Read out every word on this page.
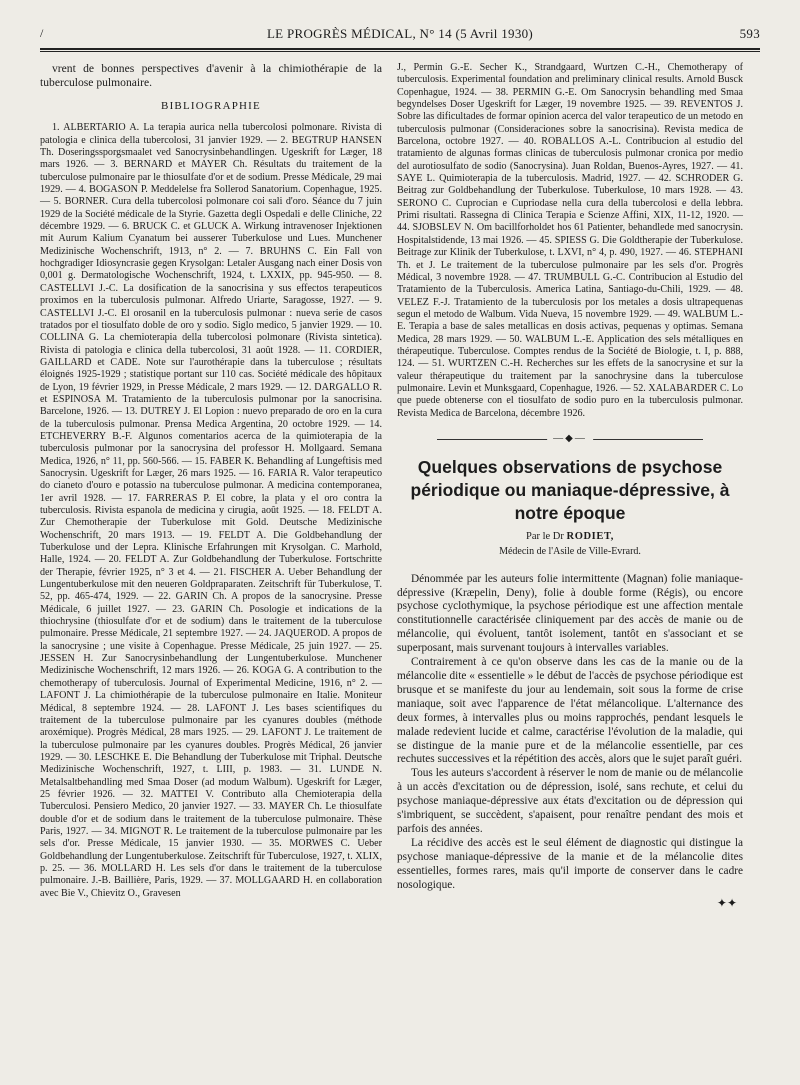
/	LE PROGRÈS MÉDICAL, N° 14 (5 Avril 1930)	593

vrent de bonnes perspectives d'avenir à la chimiothérapie de la tuberculose pulmonaire.

BIBLIOGRAPHIE

1. ALBERTARIO A. La terapia aurica nella tubercolosi polmonare. Rivista di patologia e clinica della tubercolosi, 31 janvier 1929. — 2. BEGTRUP HANSEN Th. Doseringssporgsmaalet ved Sanocrysinbehandlingen. Ugeskrift for Læger, 18 mars 1926. — 3. BERNARD et MAYER Ch. Résultats du traitement de la tuberculose pulmonaire par le thiosulfate d'or et de sodium. Presse Médicale, 29 mai 1929. — 4. BOGASON P. Meddelelse fra Sollerod Sanatorium. Copenhague, 1925. — 5. BORNER. Cura della tubercolosi polmonare coi sali d'oro. Séance du 7 juin 1929 de la Société médicale de la Styrie. Gazetta degli Ospedali e delle Cliniche, 22 décembre 1929. — 6. BRUCK C. et GLUCK A. Wirkung intravenoser Injektionen mit Aurum Kalium Cyanatum bei ausserer Tuberkulose und Lues. Munchener Medizinische Wochenschrift, 1913, n° 2. — 7. BRUHNS C. Ein Fall von hochgradiger Idiosyncrasie gegen Krysolgan: Letaler Ausgang nach einer Dosis von 0,001 g. Dermatologische Wochenschrift, 1924, t. LXXIX, pp. 945-950. — 8. CASTELLVI J.-C. La dosification de la sanocrisina y sus effectos terapeuticos proximos en la tuberculosis pulmonar. Alfredo Uriarte, Saragosse, 1927. — 9. CASTELLVI J.-C. El orosanil en la tuberculosis pulmonar : nueva serie de casos tratados por el tiosulfato doble de oro y sodio. Siglo medico, 5 janvier 1929. — 10. COLLINA G. La chemioterapia della tubercolosi polmonare (Rivista sintetica). Rivista di patologia e clinica della tubercolosi, 31 août 1928. — 11. CORDIER, GAILLARD et CADE. Note sur l'aurothérapie dans la tuberculose ; résultats éloignés 1925-1929 ; statistique portant sur 110 cas. Société médicale des hôpitaux de Lyon, 19 février 1929, in Presse Médicale, 2 mars 1929. — 12. DARGALLO R. et ESPINOSA M. Tratamiento de la tuberculosis pulmonar por la sanocrisina. Barcelone, 1926. — 13. DUTREY J. El Lopion : nuevo preparado de oro en la cura de la tuberculosis pulmonar. Prensa Medica Argentina, 20 octobre 1929. — 14. ETCHEVERRY B.-F. Algunos comentarios acerca de la quimioterapia de la tuberculosis pulmonar por la sanocrysina del professor H. Mollgaard. Semana Medica, 1926, n° 11, pp. 560-566. — 15. FABER K. Behandling af Lungeftisis med Sanocrysin. Ugeskrift for Læger, 26 mars 1925. — 16. FARIA R. Valor terapeutico do cianeto d'ouro e potassio na tuberculose pulmonar. A medicina contemporanea, 1er avril 1928. — 17. FARRERAS P. El cobre, la plata y el oro contra la tuberculosis. Rivista espanola de medicina y cirugia, août 1925. — 18. FELDT A. Zur Chemotherapie der Tuberkulose mit Gold. Deutsche Medizinische Wochenschrift, 20 mars 1913. — 19. FELDT A. Die Goldbehandlung der Tuberkulose und der Lepra. Klinische Erfahrungen mit Krysolgan. C. Marhold, Halle, 1924. — 20. FELDT A. Zur Goldbehandlung der Tuberkulose. Fortschritte der Therapie, février 1925, n° 3 et 4. — 21. FISCHER A. Ueber Behandlung der Lungentuberkulose mit den neueren Goldpraparaten. Zeitschrift für Tuberkulose, T. 52, pp. 465-474, 1929. — 22. GARIN Ch. A propos de la sanocrysine. Presse Médicale, 6 juillet 1927. — 23. GARIN Ch. Posologie et indications de la thiochrysine (thiosulfate d'or et de sodium) dans le traitement de la tuberculose pulmonaire. Presse Médicale, 21 septembre 1927. — 24. JAQUEROD. A propos de la sanocrysine ; une visite à Copenhague. Presse Médicale, 25 juin 1927. — 25. JESSEN H. Zur Sanocrysinbehandlung der Lungentuberkulose. Munchener Medizinische Wochenschrift, 12 mars 1926. — 26. KOGA G. A contribution to the chemotherapy of tuberculosis. Journal of Experimental Medicine, 1916, n° 2. — LAFONT J. La chimiothérapie de la tuberculose pulmonaire en Italie. Moniteur Médical, 8 septembre 1924. — 28. LAFONT J. Les bases scientifiques du traitement de la tuberculose pulmonaire par les cyanures doubles (méthode aroxémique). Progrès Médical, 28 mars 1925. — 29. LAFONT J. Le traitement de la tuberculose pulmonaire par les cyanures doubles. Progrès Médical, 26 janvier 1929. — 30. LESCHKE E. Die Behandlung der Tuberkulose mit Triphal. Deutsche Medizinische Wochenschrift, 1927, t. LIII, p. 1983. — 31. LUNDE N. Metalsaltbehandling med Smaa Doser (ad modum Walbum). Ugeskrift for Læger, 25 février 1926. — 32. MATTEI V. Contributo alla Chemioterapia della Tuberculosi. Pensiero Medico, 20 janvier 1927. — 33. MAYER Ch. Le thiosulfate double d'or et de sodium dans le traitement de la tuberculose pulmonaire. Thèse Paris, 1927. — 34. MIGNOT R. Le traitement de la tuberculose pulmonaire par les sels d'or. Presse Médicale, 15 janvier 1930. — 35. MORWES C. Ueber Goldbehandlung der Lungentuberkulose. Zeitschrift für Tuberculose, 1927, t. XLIX, p. 25. — 36. MOLLARD H. Les sels d'or dans le traitement de la tuberculose pulmonaire. J.-B. Baillière, Paris, 1929. — 37. MOLLGAARD H. en collaboration avec Bie V., Chievitz O., Gravesen

J., Permin G.-E. Secher K., Strandgaard, Wurtzen C.-H., Chemotherapy of tuberculosis. Experimental foundation and preliminary clinical results. Arnold Busck Copenhague, 1924. — 38. PERMIN G.-E. Om Sanocrysin behandling med Smaa begyndelses Doser Ugeskrift for Læger, 19 novembre 1925. — 39. REVENTOS J. Sobre las dificultades de formar opinion acerca del valor terapeutico de un metodo en tuberculosis pulmonar (Consideraciones sobre la sanocrisina). Revista medica de Barcelona, octobre 1927. — 40. ROBALLOS A.-L. Contribucion al estudio del tratamiento de algunas formas clinicas de tuberculosis pulmonar cronica por medio del aurotiosulfato de sodio (Sanocrysina). Juan Roldan, Buenos-Ayres, 1927. — 41. SAYE L. Quimioterapia de la tuberculosis. Madrid, 1927. — 42. SCHRODER G. Beitrag zur Goldbehandlung der Tuberkulose. Tuberkulose, 10 mars 1928. — 43. SERONO C. Cuprocian e Cupriodase nella cura della tubercolosi e della lebbra. Primi risultati. Rassegna di Clinica Terapia e Scienze Affini, XIX, 11-12, 1920. — 44. SJOBSLEV N. Om bacillforholdet hos 61 Patienter, behandlede med sanocrysin. Hospitalstidende, 13 mai 1926. — 45. SPIESS G. Die Goldtherapie der Tuberkulose. Beitrage zur Klinik der Tuberkulose, t. LXVI, n° 4, p. 490, 1927. — 46. STEPHANI Th. et J. Le traitement de la tuberculose pulmonaire par les sels d'or. Progrès Médical, 3 novembre 1928. — 47. TRUMBULL G.-C. Contribucion al Estudio del Tratamiento de la Tuberculosis. America Latina, Santiago-du-Chili, 1929. — 48. VELEZ F.-J. Tratamiento de la tuberculosis por los metales a dosis ultrapequenas segun el metodo de Walbum. Vida Nueva, 15 novembre 1929. — 49. WALBUM L.-E. Terapia a base de sales metallicas en dosis activas, pequenas y optimas. Semana Medica, 28 mars 1929. — 50. WALBUM L.-E. Application des sels métalliques en thérapeutique. Tuberculose. Comptes rendus de la Société de Biologie, t. I, p. 888, 124. — 51. WURTZEN C.-H. Recherches sur les effets de la sanocrysine et sur la valeur thérapeutique du traitement par la sanochrysine dans la tuberculose pulmonaire. Levin et Munksgaard, Copenhague, 1926. — 52. XALABARDER C. Lo que puede obtenerse con el tiosulfato de sodio puro en la tuberculosis pulmonar. Revista Medica de Barcelona, décembre 1926.

—◆—

Quelques observations de psychose périodique ou maniaque-dépressive, à notre époque

Par le Dr RODIET,

Médecin de l'Asile de Ville-Evrard.

Dénommée par les auteurs folie intermittente (Magnan) folie maniaque-dépressive (Kræpelin, Deny), folie à double forme (Régis), ou encore psychose cyclothymique, la psychose périodique est une affection mentale constitutionnelle caractérisée cliniquement par des accès de manie ou de mélancolie, qui évoluent, tantôt isolement, tantôt en s'associant et se superposant, mais survenant toujours à intervalles variables.

Contrairement à ce qu'on observe dans les cas de la manie ou de la mélancolie dite « essentielle » le début de l'accès de psychose périodique est brusque et se manifeste du jour au lendemain, soit sous la forme de crise maniaque, soit avec l'apparence de l'état mélancolique. L'alternance des deux formes, à intervalles plus ou moins rapprochés, pendant lesquels le malade redevient lucide et calme, caractérise l'évolution de la maladie, qui se distingue de la manie pure et de la mélancolie essentielle, par ces rechutes successives et la répétition des accès, alors que le sujet paraît guéri.

Tous les auteurs s'accordent à réserver le nom de manie ou de mélancolie à un accès d'excitation ou de dépression, isolé, sans rechute, et celui du psychose maniaque-dépressive aux états d'excitation ou de dépression qui s'imbriquent, se succèdent, s'apaisent, pour renaître pendant des mois et parfois des années.

La récidive des accès est le seul élément de diagnostic qui distingue la psychose maniaque-dépressive de la manie et de la mélancolie dites essentielles, formes rares, mais qu'il importe de conserver dans le cadre nosologique.

✦✦
